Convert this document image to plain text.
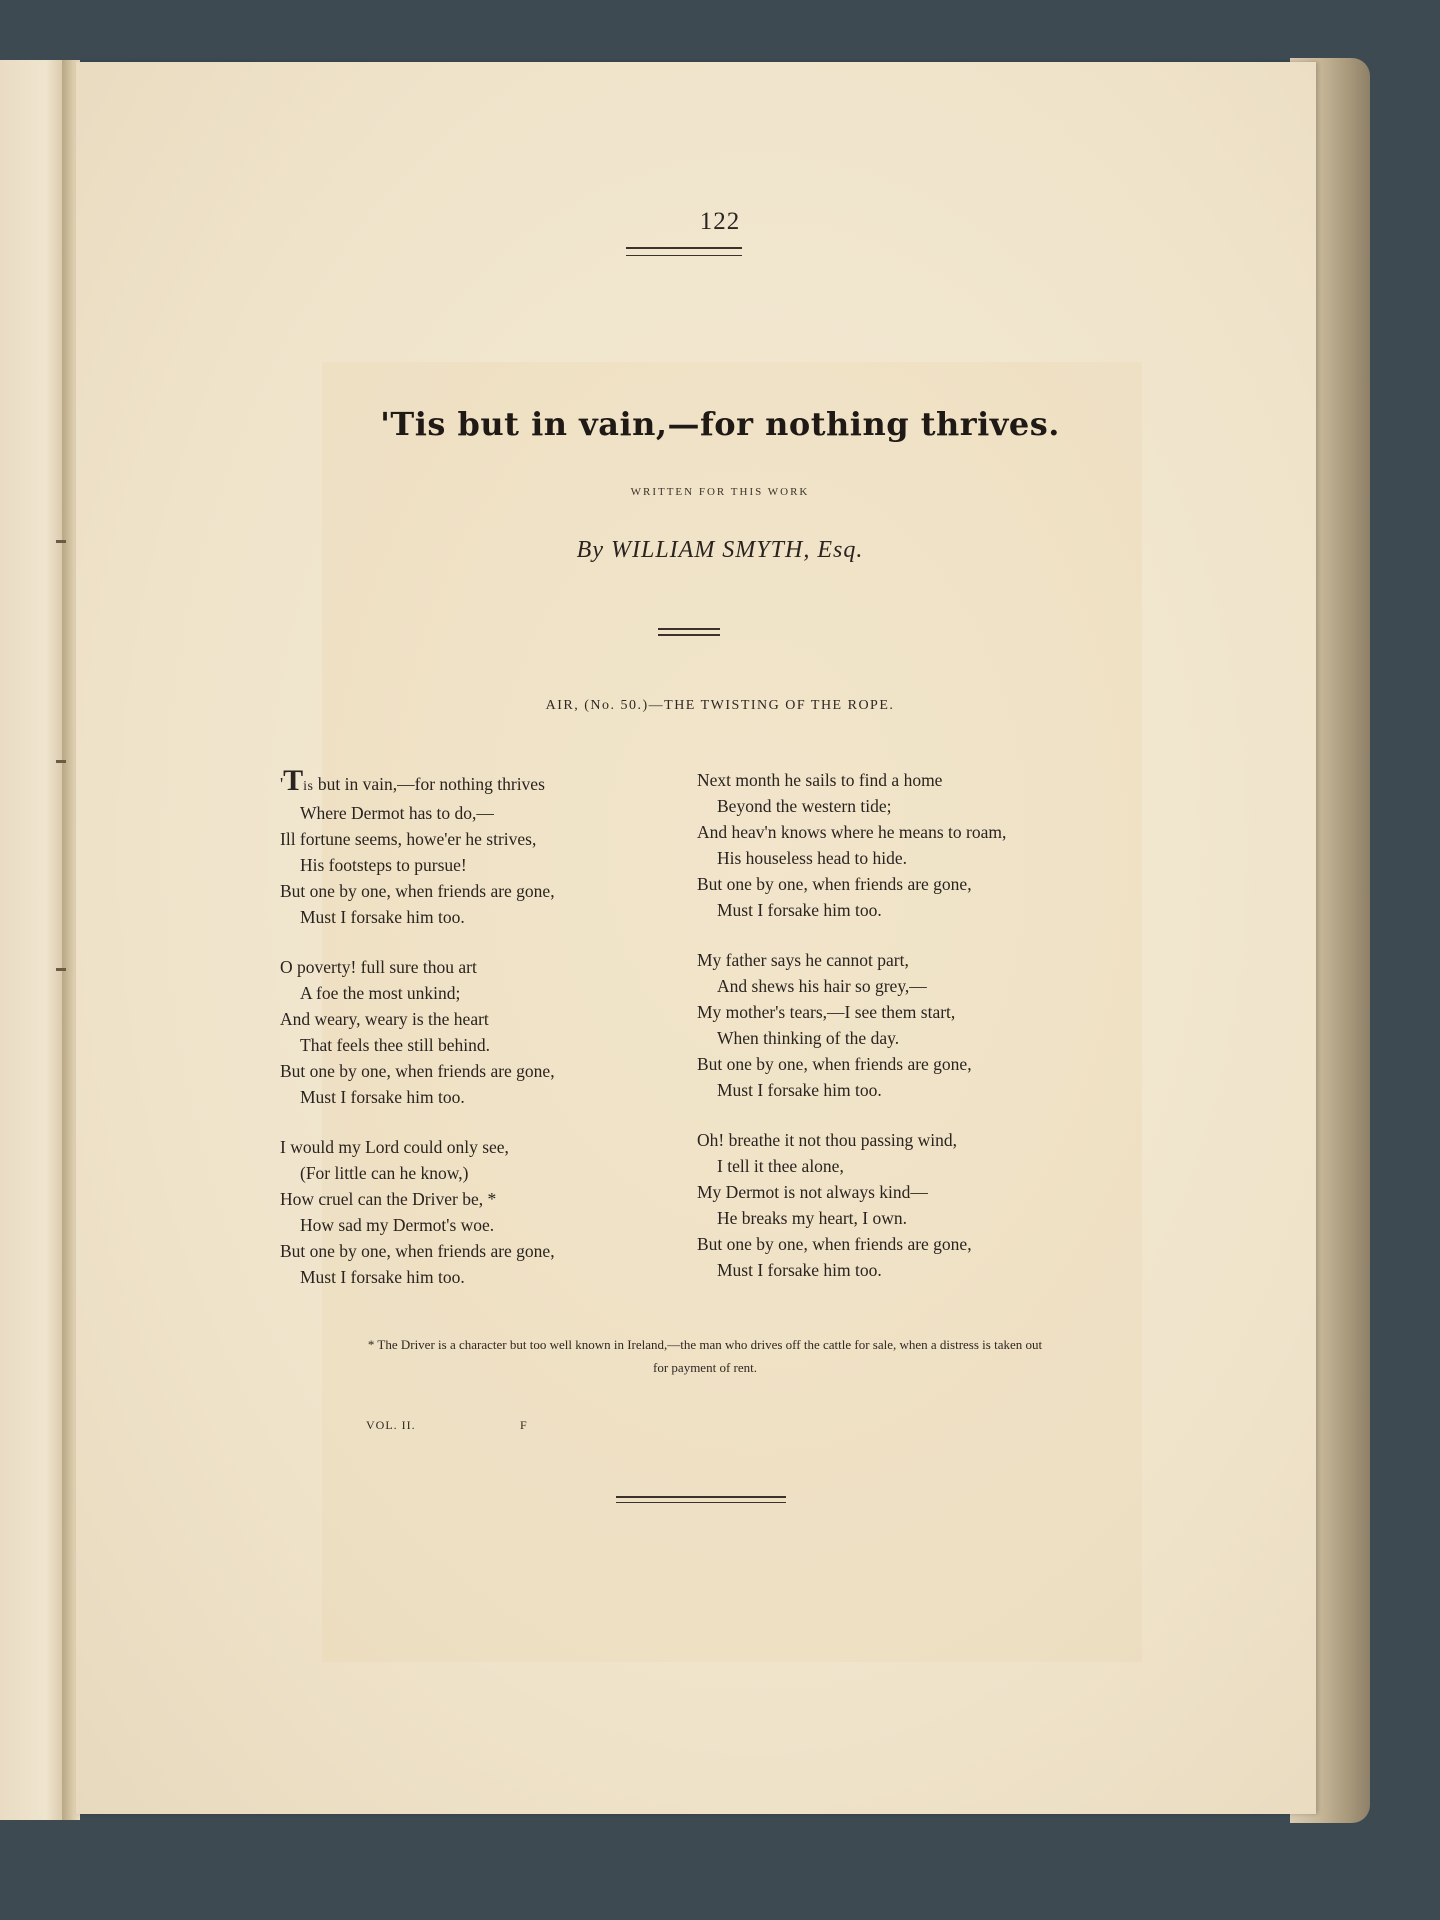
122
'Tis but in vain,—for nothing thrives.
WRITTEN FOR THIS WORK
By WILLIAM SMYTH, Esq.
AIR, (No. 50.)—THE TWISTING OF THE ROPE.
'Tis but in vain,—for nothing thrives
Where Dermot has to do,—
Ill fortune seems, howe'er he strives,
His footsteps to pursue!
But one by one, when friends are gone,
Must I forsake him too.
O poverty! full sure thou art
A foe the most unkind;
And weary, weary is the heart
That feels thee still behind.
But one by one, when friends are gone,
Must I forsake him too.
I would my Lord could only see,
(For little can he know,)
How cruel can the Driver be, *
How sad my Dermot's woe.
But one by one, when friends are gone,
Must I forsake him too.
Next month he sails to find a home
Beyond the western tide;
And heav'n knows where he means to roam,
His houseless head to hide.
But one by one, when friends are gone,
Must I forsake him too.
My father says he cannot part,
And shews his hair so grey,—
My mother's tears,—I see them start,
When thinking of the day.
But one by one, when friends are gone,
Must I forsake him too.
Oh! breathe it not thou passing wind,
I tell it thee alone,
My Dermot is not always kind—
He breaks my heart, I own.
But one by one, when friends are gone,
Must I forsake him too.
* The Driver is a character but too well known in Ireland,—the man who drives off the cattle for sale, when a distress is taken out
for payment of rent.
VOL. II.	F
